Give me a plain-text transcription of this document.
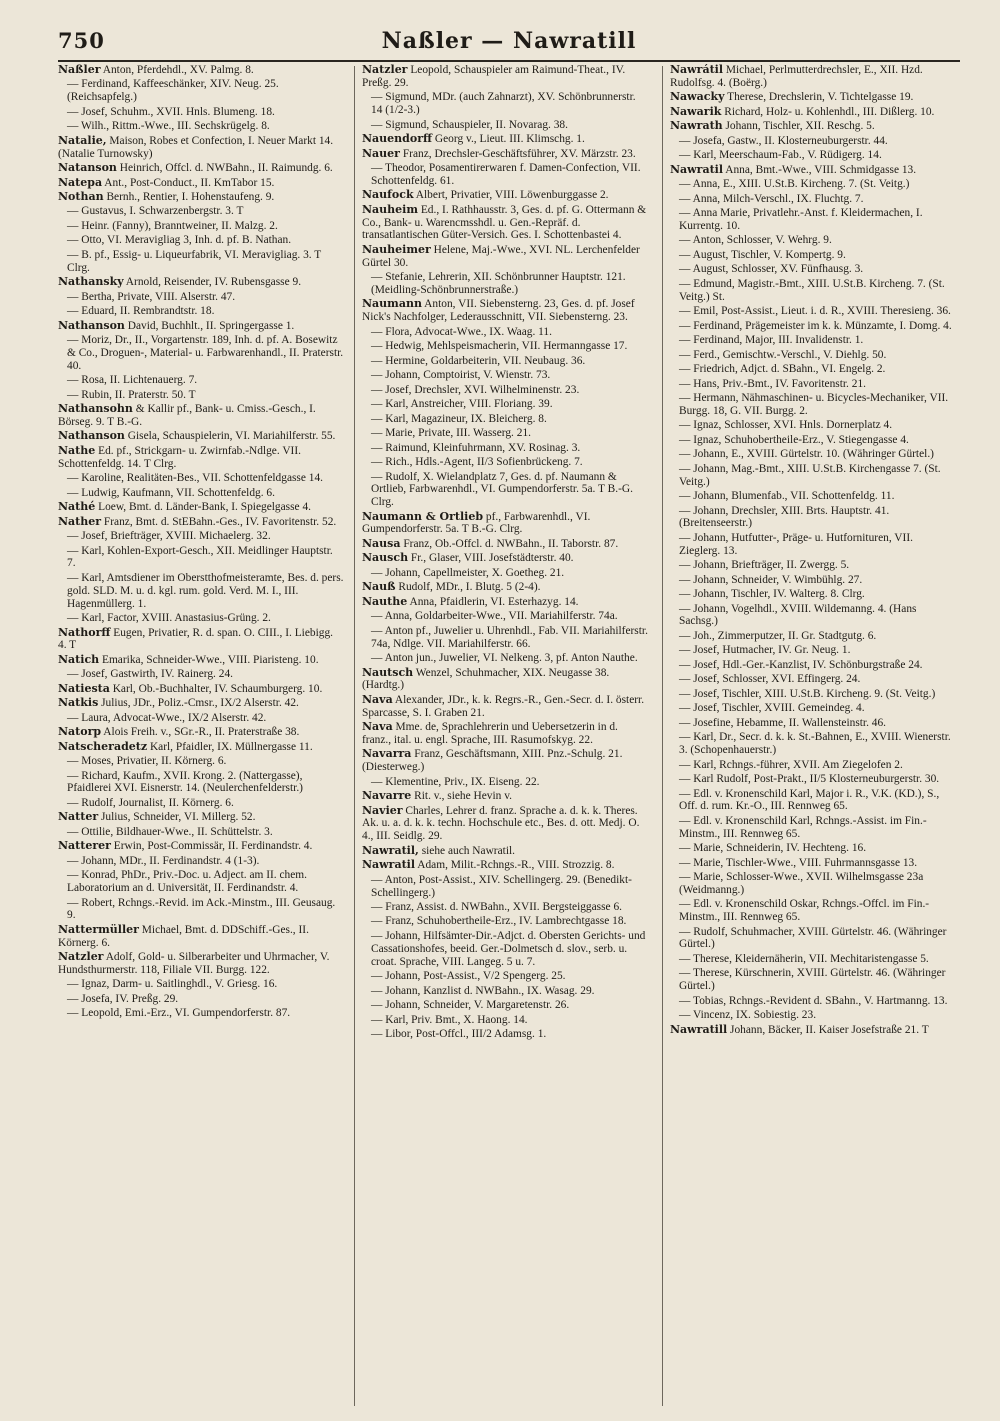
750	Naßler — Nawratill
Naßler Anton, Pferdehdl., XV. Palmg. 8.
— Ferdinand, Kaffeeschänker, XIV. Neug. 25. (Reichsapfelg.)
— Josef, Schuhm., XVII. Hnls. Blumeng. 18.
— Wilh., Rittm.-Wwe., III. Sechskrügelg. 8.
Natalie, Maison, Robes et Confection, I. Neuer Markt 14. (Natalie Turnowsky)
Natanson Heinrich, Offcl. d. NWBahn., II. Raimundg. 6.
Natepa Ant., Post-Conduct., II. KmTabor 15.
Nothan Bernh., Rentier, I. Hohenstaufeng. 9.
— Gustavus, I. Schwarzenbergstr. 3. T
— Heinr. (Fanny), Branntweiner, II. Malzg. 2.
— Otto, VI. Meravigliag 3, Inh. d. pf. B. Nathan.
— B. pf., Essig- u. Liqueurfabrik, VI. Meravigliag. 3. T Clrg.
Nathansky Arnold, Reisender, IV. Rubensgasse 9.
— Bertha, Private, VIII. Alserstr. 47.
— Eduard, II. Rembrandtstr. 18.
Nathanson David, Buchhlt., II. Springergasse 1.
— Moriz, Dr., II., Vorgartenstr. 189, Inh. d. pf. A. Bosewitz & Co., Droguen-, Material- u. Farbwarenhandl., II. Praterstr. 40.
— Rosa, II. Lichtenauerg. 7.
— Rubin, II. Praterstr. 50. T
Nathansohn & Kallir pf., Bank- u. Cmiss.-Gesch., I. Börseg. 9. T B.-G.
Nathanson Gisela, Schauspielerin, VI. Mariahilferstr. 55.
Nathe Ed. pf., Strickgarn- u. Zwirnfab.-Ndlge. VII. Schottenfeldg. 14. T Clrg.
— Karoline, Realitäten-Bes., VII. Schottenfeldgasse 14.
— Ludwig, Kaufmann, VII. Schottenfeldg. 6.
Nathé Loew, Bmt. d. Länder-Bank, I. Spiegelgasse 4.
Nather Franz, Bmt. d. StEBahn.-Ges., IV. Favoritenstr. 52.
— Josef, Briefträger, XVIII. Michaelerg. 32.
— Karl, Kohlen-Export-Gesch., XII. Meidlinger Hauptstr. 7.
— Karl, Amtsdiener im Oberstthofmeisteramte, Bes. d. pers. gold. SLD. M. u. d. kgl. rum. gold. Verd. M. I., III. Hagenmüllerg. 1.
— Karl, Factor, XVIII. Anastasius-Grüng. 2.
Nathorff Eugen, Privatier, R. d. span. O. CIII., I. Liebigg. 4. T
Natich Emarika, Schneider-Wwe., VIII. Piaristeng. 10.
— Josef, Gastwirth, IV. Rainerg. 24.
Natiesta Karl, Ob.-Buchhalter, IV. Schaumburgerg. 10.
Natkis Julius, JDr., Poliz.-Cmsr., IX/2 Alserstr. 42.
— Laura, Advocat-Wwe., IX/2 Alserstr. 42.
Natorp Alois Freih. v., SGr.-R., II. Praterstraße 38.
Natscheradetz Karl, Pfaidler, IX. Müllnergasse 11.
— Moses, Privatier, II. Körnerg. 6.
— Richard, Kaufm., XVII. Krong. 2. (Nattergasse), Pfaidlerei XVI. Eisnerstr. 14. (Neulerchenfelderstr.)
— Rudolf, Journalist, II. Körnerg. 6.
Natter Julius, Schneider, VI. Millerg. 52.
— Ottilie, Bildhauer-Wwe., II. Schüttelstr. 3.
Natterer Erwin, Post-Commissär, II. Ferdinandstr. 4.
— Johann, MDr., II. Ferdinandstr. 4 (1-3).
— Konrad, PhDr., Priv.-Doc. u. Adject. am II. chem. Laboratorium an d. Universität, II. Ferdinandstr. 4.
— Robert, Rchngs.-Revid. im Ack.-Minstm., III. Geusaug. 9.
Nattermüller Michael, Bmt. d. DDSchiff.-Ges., II. Körnerg. 6.
Natzler Adolf, Gold- u. Silberarbeiter und Uhrmacher, V. Hundsthurmerstr. 118, Filiale VII. Burgg. 122.
— Ignaz, Darm- u. Saitlinghdl., V. Griesg. 16.
— Josefa, IV. Preßg. 29.
— Leopold, Emi.-Erz., VI. Gumpendorferstr. 87.
Natzler Leopold, Schauspieler am Raimund-Theat., IV. Preßg. 29.
— Sigmund, MDr. (auch Zahnarzt), XV. Schönbrunnerstr. 14 (1/2-3.)
— Sigmund, Schauspieler, II. Novarag. 38.
Nauendorff Georg v., Lieut. III. Klimschg. 1.
Nauer Franz, Drechsler-Geschäftsführer, XV. Märzstr. 23.
— Theodor, Posamentirerwaren f. Damen-Confection, VII. Schottenfeldg. 61.
Naufock Albert, Privatier, VIII. Löwenburggasse 2.
Nauheim Ed., I. Rathhausstr. 3, Ges. d. pf. G. Ottermann & Co., Bank- u. Warencmsshdl. u. Gen.-Repräf. d. transatlantischen Güter-Versich. Ges. I. Schottenbastei 4.
Nauheimer Helene, Maj.-Wwe., XVI. NL. Lerchenfelder Gürtel 30.
— Stefanie, Lehrerin, XII. Schönbrunner Hauptstr. 121. (Meidling-Schönbrunnerstraße.)
Naumann Anton, VII. Siebensterng. 23, Ges. d. pf. Josef Nick's Nachfolger, Lederausschnitt, VII. Siebensterng. 23.
— Flora, Advocat-Wwe., IX. Waag. 11.
— Hedwig, Mehlspeismacherin, VII. Hermanngasse 17.
— Hermine, Goldarbeiterin, VII. Neubaug. 36.
— Johann, Comptoirist, V. Wienstr. 73.
— Josef, Drechsler, XVI. Wilhelminenstr. 23.
— Karl, Anstreicher, VIII. Floriang. 39.
— Karl, Magazineur, IX. Bleicherg. 8.
— Marie, Private, III. Wasserg. 21.
— Raimund, Kleinfuhrmann, XV. Rosinag. 3.
— Rich., Hdls.-Agent, II/3 Sofienbrückeng. 7.
— Rudolf, X. Wielandplatz 7, Ges. d. pf. Naumann & Ortlieb, Farbwarenhdl., VI. Gumpendorferstr. 5a. T B.-G. Clrg.
Naumann & Ortlieb pf., Farbwarenhdl., VI. Gumpendorferstr. 5a. T B.-G. Clrg.
Nausa Franz, Ob.-Offcl. d. NWBahn., II. Taborstr. 87.
Nausch Fr., Glaser, VIII. Josefstädterstr. 40.
— Johann, Capellmeister, X. Goetheg. 21.
Nauß Rudolf, MDr., I. Blutg. 5 (2-4).
Nauthe Anna, Pfaidlerin, VI. Esterhazyg. 14.
— Anna, Goldarbeiter-Wwe., VII. Mariahilferstr. 74a.
— Anton pf., Juwelier u. Uhrenhdl., Fab. VII. Mariahilferstr. 74a, Ndlge. VII. Mariahilferstr. 66.
— Anton jun., Juwelier, VI. Nelkeng. 3, pf. Anton Nauthe.
Nautsch Wenzel, Schuhmacher, XIX. Neugasse 38. (Hardtg.)
Nava Alexander, JDr., k. k. Regrs.-R., Gen.-Secr. d. I. österr. Sparcasse, S. I. Graben 21.
Nava Mme. de, Sprachlehrerin und Uebersetzerin in d. franz., ital. u. engl. Sprache, III. Rasumofskyg. 22.
Navarra Franz, Geschäftsmann, XIII. Pnz.-Schulg. 21. (Diesterweg.)
— Klementine, Priv., IX. Eiseng. 22.
Navarre Rit. v., siehe Hevin v.
Navier Charles, Lehrer d. franz. Sprache a. d. k. k. Theres. Ak. u. a. d. k. k. techn. Hochschule etc., Bes. d. ott. Medj. O. 4., III. Seidlg. 29.
Nawratil, siehe auch Nawratil.
Nawratil Adam, Milit.-Rchngs.-R., VIII. Strozzig. 8.
— Anton, Post-Assist., XIV. Schellingerg. 29. (Benedikt-Schellingerg.)
— Franz, Assist. d. NWBahn., XVII. Bergsteiggasse 6.
— Franz, Schuhobertheile-Erz., IV. Lambrechtgasse 18.
— Johann, Hilfsämter-Dir.-Adjct. d. Obersten Gerichts- und Cassationshofes, beeid. Ger.-Dolmetsch d. slov., serb. u. croat. Sprache, VIII. Langeg. 5 u. 7.
— Johann, Post-Assist., V/2 Spengerg. 25.
— Johann, Kanzlist d. NWBahn., IX. Wasag. 29.
— Johann, Schneider, V. Margaretenstr. 26.
— Karl, Priv. Bmt., X. Haong. 14.
— Libor, Post-Offcl., III/2 Adamsg. 1.
Nawrátil Michael, Perlmutterdrechsler, E., XII. Hzd. Rudolfsg. 4. (Boërg.)
Nawacky Therese, Drechslerin, V. Tichtelgasse 19.
Nawarik Richard, Holz- u. Kohlenhdl., III. Dißlerg. 10.
Nawrath Johann, Tischler, XII. Reschg. 5.
— Josefa, Gastw., II. Klosterneuburgerstr. 44.
— Karl, Meerschaum-Fab., V. Rüdigerg. 14.
Nawratil Anna, Bmt.-Wwe., VIII. Schmidgasse 13.
— Anna, E., XIII. U.St.B. Kircheng. 7. (St. Veitg.)
— Anna, Milch-Verschl., IX. Fluchtg. 7.
— Anna Marie, Privatlehr.-Anst. f. Kleidermachen, I. Kurrentg. 10.
— Anton, Schlosser, V. Wehrg. 9.
— August, Tischler, V. Kompertg. 9.
— August, Schlosser, XV. Fünfhausg. 3.
— Edmund, Magistr.-Bmt., XIII. U.St.B. Kircheng. 7. (St. Veitg.) St.
— Emil, Post-Assist., Lieut. i. d. R., XVIII. Theresieng. 36.
— Ferdinand, Prägemeister im k. k. Münzamte, I. Domg. 4.
— Ferdinand, Major, III. Invalidenstr. 1.
— Ferd., Gemischtw.-Verschl., V. Diehlg. 50.
— Friedrich, Adjct. d. SBahn., VI. Engelg. 2.
— Hans, Priv.-Bmt., IV. Favoritenstr. 21.
— Hermann, Nähmaschinen- u. Bicycles-Mechaniker, VII. Burgg. 18, G. VII. Burgg. 2.
— Ignaz, Schlosser, XVI. Hnls. Dornerplatz 4.
— Ignaz, Schuhobertheile-Erz., V. Stiegengasse 4.
— Johann, E., XVIII. Gürtelstr. 10. (Währinger Gürtel.)
— Johann, Mag.-Bmt., XIII. U.St.B. Kirchengasse 7. (St. Veitg.)
— Johann, Blumenfab., VII. Schottenfeldg. 11.
— Johann, Drechsler, XIII. Brts. Hauptstr. 41. (Breitenseerstr.)
— Johann, Hutfutter-, Präge- u. Hutfornituren, VII. Zieglerg. 13.
— Johann, Briefträger, II. Zwergg. 5.
— Johann, Schneider, V. Wimbühlg. 27.
— Johann, Tischler, IV. Walterg. 8. Clrg.
— Johann, Vogelhdl., XVIII. Wildemanng. 4. (Hans Sachsg.)
— Joh., Zimmerputzer, II. Gr. Stadtgutg. 6.
— Josef, Hutmacher, IV. Gr. Neug. 1.
— Josef, Hdl.-Ger.-Kanzlist, IV. Schönburgstraße 24.
— Josef, Schlosser, XVI. Effingerg. 24.
— Josef, Tischler, XIII. U.St.B. Kircheng. 9. (St. Veitg.)
— Josef, Tischler, XVIII. Gemeindeg. 4.
— Josefine, Hebamme, II. Wallensteinstr. 46.
— Karl, Dr., Secr. d. k. k. St.-Bahnen, E., XVIII. Wienerstr. 3. (Schopenhauerstr.)
— Karl, Rchngs.-führer, XVII. Am Ziegelofen 2.
— Karl Rudolf, Post-Prakt., II/5 Klosterneuburgerstr. 30.
— Edl. v. Kronenschild Karl, Major i. R., V.K. (KD.), S., Off. d. rum. Kr.-O., III. Rennweg 65.
— Edl. v. Kronenschild Karl, Rchngs.-Assist. im Fin.-Minstm., III. Rennweg 65.
— Marie, Schneiderin, IV. Hechteng. 16.
— Marie, Tischler-Wwe., VIII. Fuhrmannsgasse 13.
— Marie, Schlosser-Wwe., XVII. Wilhelmsgasse 23a (Weidmanng.)
— Edl. v. Kronenschild Oskar, Rchngs.-Offcl. im Fin.-Minstm., III. Rennweg 65.
— Rudolf, Schuhmacher, XVIII. Gürtelstr. 46. (Währinger Gürtel.)
— Therese, Kleidernäherin, VII. Mechitaristengasse 5.
— Therese, Kürschnerin, XVIII. Gürtelstr. 46. (Währinger Gürtel.)
— Tobias, Rchngs.-Revident d. SBahn., V. Hartmanng. 13.
— Vincenz, IX. Sobiestig. 23.
Nawratill Johann, Bäcker, II. Kaiser Josefstraße 21. T
